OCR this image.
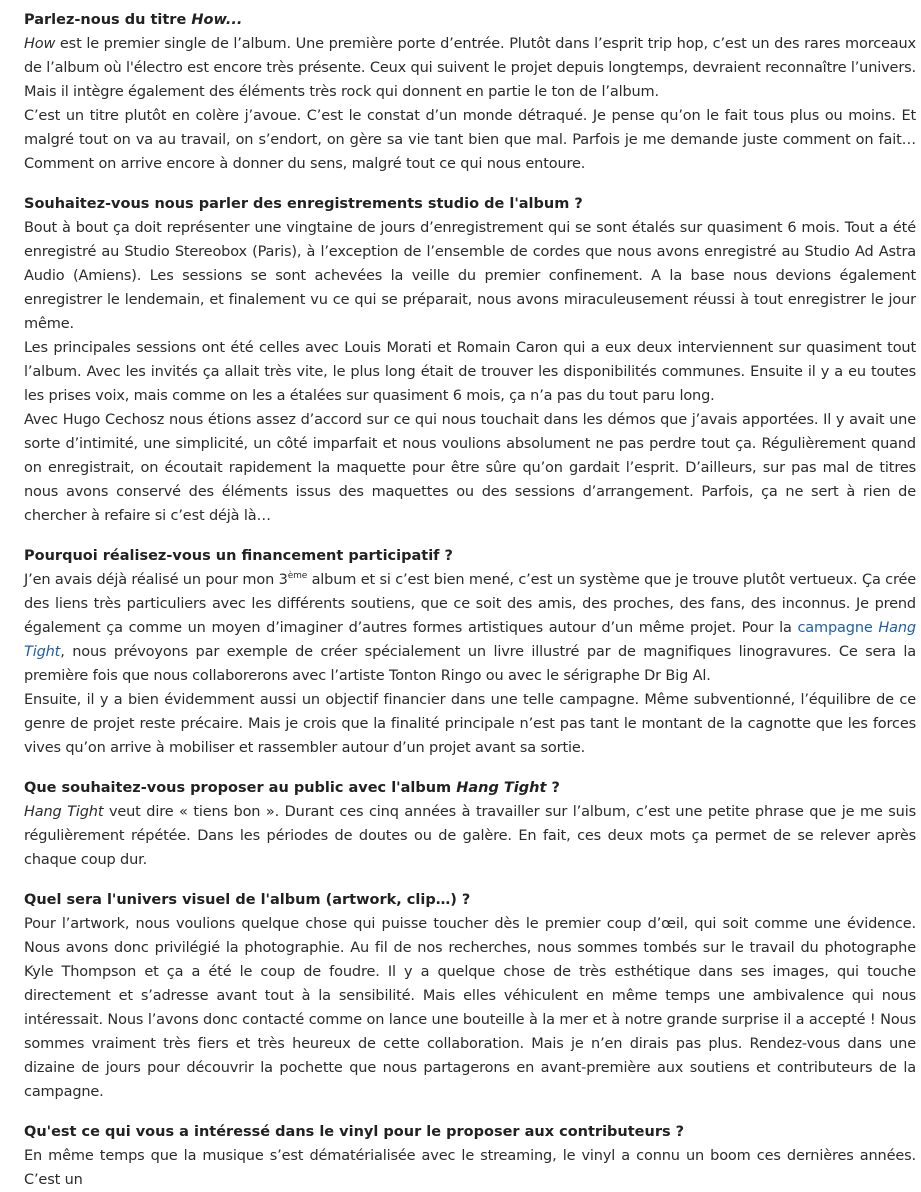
Parlez-nous du titre How...

How est le premier single de l’album. Une première porte d’entrée. Plutôt dans l’esprit trip hop, c’est un des rares morceaux de l’album où l'électro est encore très présente. Ceux qui suivent le projet depuis longtemps, devraient reconnaître l’univers. Mais il intègre également des éléments très rock qui donnent en partie le ton de l’album.

C’est un titre plutôt en colère j’avoue. C’est le constat d’un monde détraqué. Je pense qu’on le fait tous plus ou moins. Et malgré tout on va au travail, on s’endort, on gère sa vie tant bien que mal. Parfois je me demande juste comment on fait… Comment on arrive encore à donner du sens, malgré tout ce qui nous entoure.

Souhaitez-vous nous parler des enregistrements studio de l'album ?

Bout à bout ça doit représenter une vingtaine de jours d’enregistrement qui se sont étalés sur quasiment 6 mois. Tout a été enregistré au Studio Stereobox (Paris), à l’exception de l’ensemble de cordes que nous avons enregistré au Studio Ad Astra Audio (Amiens). Les sessions se sont achevées la veille du premier confinement. A la base nous devions également enregistrer le lendemain, et finalement vu ce qui se préparait, nous avons miraculeusement réussi à tout enregistrer le jour même.

Les principales sessions ont été celles avec Louis Morati et Romain Caron qui a eux deux interviennent sur quasiment tout l’album. Avec les invités ça allait très vite, le plus long était de trouver les disponibilités communes. Ensuite il y a eu toutes les prises voix, mais comme on les a étalées sur quasiment 6 mois, ça n’a pas du tout paru long.

Avec Hugo Cechosz nous étions assez d’accord sur ce qui nous touchait dans les démos que j’avais apportées. Il y avait une sorte d’intimité, une simplicité, un côté imparfait et nous voulions absolument ne pas perdre tout ça. Régulièrement quand on enregistrait, on écoutait rapidement la maquette pour être sûre qu’on gardait l’esprit. D’ailleurs, sur pas mal de titres nous avons conservé des éléments issus des maquettes ou des sessions d’arrangement. Parfois, ça ne sert à rien de chercher à refaire si c’est déjà là…

Pourquoi réalisez-vous un financement participatif ?

J’en avais déjà réalisé un pour mon 3ème album et si c’est bien mené, c’est un système que je trouve plutôt vertueux. Ça crée des liens très particuliers avec les différents soutiens, que ce soit des amis, des proches, des fans, des inconnus. Je prend également ça comme un moyen d’imaginer d’autres formes artistiques autour d’un même projet. Pour la campagne Hang Tight, nous prévoyons par exemple de créer spécialement un livre illustré par de magnifiques linogravures. Ce sera la première fois que nous collaborerons avec l’artiste Tonton Ringo ou avec le sérigraphe Dr Big Al.

Ensuite, il y a bien évidemment aussi un objectif financier dans une telle campagne. Même subventionné, l’équilibre de ce genre de projet reste précaire. Mais je crois que la finalité principale n’est pas tant le montant de la cagnotte que les forces vives qu’on arrive à mobiliser et rassembler autour d’un projet avant sa sortie.

Que souhaitez-vous proposer au public avec l'album Hang Tight ?

Hang Tight veut dire « tiens bon ». Durant ces cinq années à travailler sur l’album, c’est une petite phrase que je me suis régulièrement répétée. Dans les périodes de doutes ou de galère. En fait, ces deux mots ça permet de se relever après chaque coup dur.

Quel sera l'univers visuel de l'album (artwork, clip…) ?

Pour l’artwork, nous voulions quelque chose qui puisse toucher dès le premier coup d’œil, qui soit comme une évidence. Nous avons donc privilégié la photographie. Au fil de nos recherches, nous sommes tombés sur le travail du photographe Kyle Thompson et ça a été le coup de foudre. Il y a quelque chose de très esthétique dans ses images, qui touche directement et s’adresse avant tout à la sensibilité. Mais elles véhiculent en même temps une ambivalence qui nous intéressait. Nous l’avons donc contacté comme on lance une bouteille à la mer et à notre grande surprise il a accepté ! Nous sommes vraiment très fiers et très heureux de cette collaboration. Mais je n’en dirais pas plus. Rendez-vous dans une dizaine de jours pour découvrir la pochette que nous partagerons en avant-première aux soutiens et contributeurs de la campagne.

Qu'est ce qui vous a intéressé dans le vinyl pour le proposer aux contributeurs ?

En même temps que la musique s’est dématérialisée avec le streaming, le vinyl a connu un boom ces dernières années. C’est un
